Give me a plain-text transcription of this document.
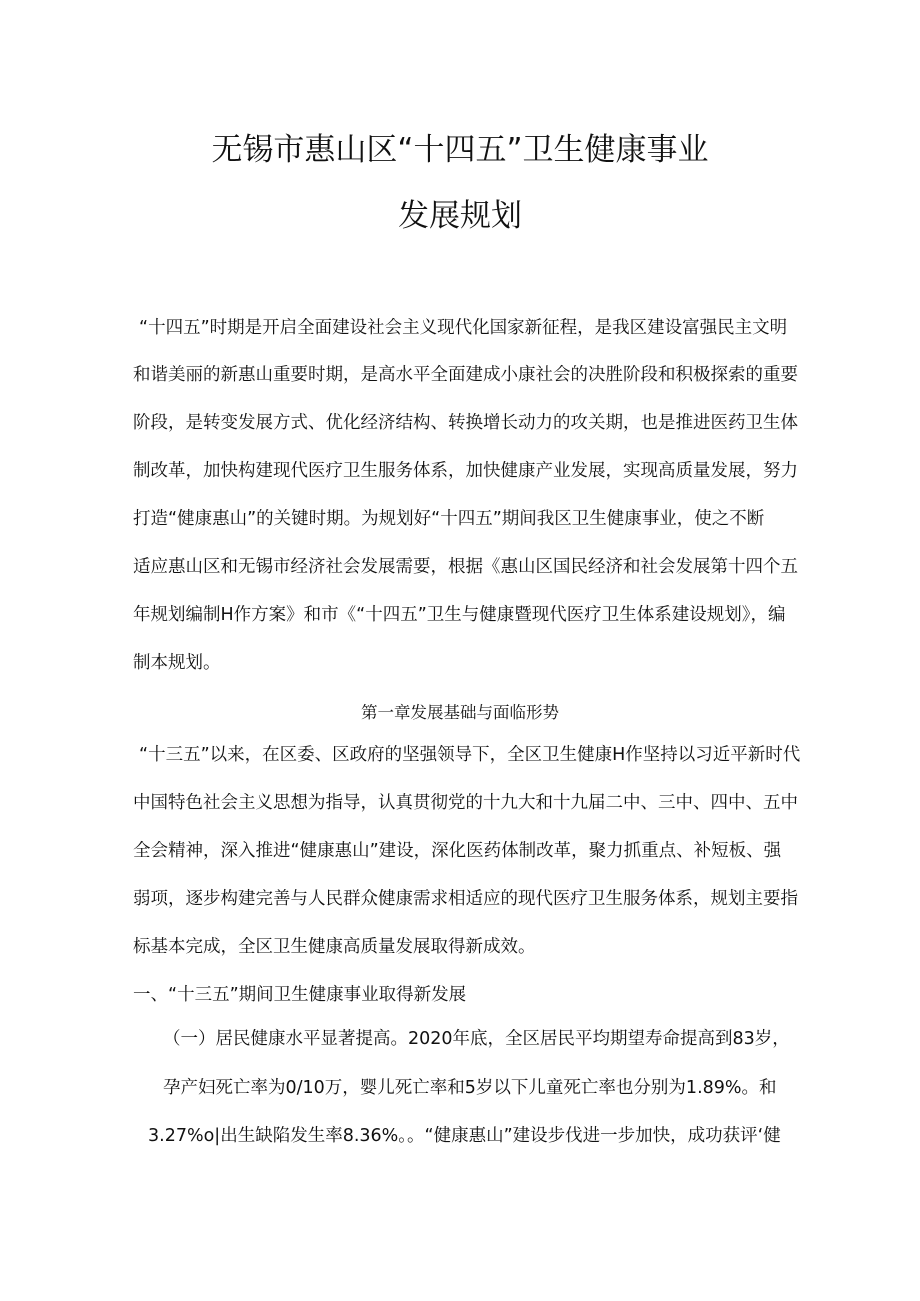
无锡市惠山区“十四五”卫生健康事业
发展规划
“十四五”时期是开启全面建设社会主义现代化国家新征程，是我区建设富强民主文明
和谐美丽的新惠山重要时期，是高水平全面建成小康社会的决胜阶段和积极探索的重要
阶段，是转变发展方式、优化经济结构、转换增长动力的攻关期，也是推进医药卫生体
制改革，加快构建现代医疗卫生服务体系，加快健康产业发展，实现高质量发展，努力
打造“健康惠山”的关键时期。为规划好“十四五”期间我区卫生健康事业，使之不断
适应惠山区和无锡市经济社会发展需要，根据《惠山区国民经济和社会发展第十四个五
年规划编制H作方案》和市《“十四五”卫生与健康暨现代医疗卫生体系建设规划》，编
制本规划。
第一章发展基础与面临形势
“十三五”以来，在区委、区政府的坚强领导下，全区卫生健康H作坚持以习近平新时代
中国特色社会主义思想为指导，认真贯彻党的十九大和十九届二中、三中、四中、五中
全会精神，深入推进“健康惠山”建设，深化医药体制改革，聚力抓重点、补短板、强
弱项，逐步构建完善与人民群众健康需求相适应的现代医疗卫生服务体系，规划主要指
标基本完成，全区卫生健康高质量发展取得新成效。
一、“十三五”期间卫生健康事业取得新发展
（一）居民健康水平显著提高。2020年底，全区居民平均期望寿命提高到83岁，
孕产妇死亡率为0/10万，婴儿死亡率和5岁以下儿童死亡率也分别为1.89%。和
3.27%o|出生缺陷发生率8.36%。。“健康惠山”建设步伐进一步加快，成功获评‘健
